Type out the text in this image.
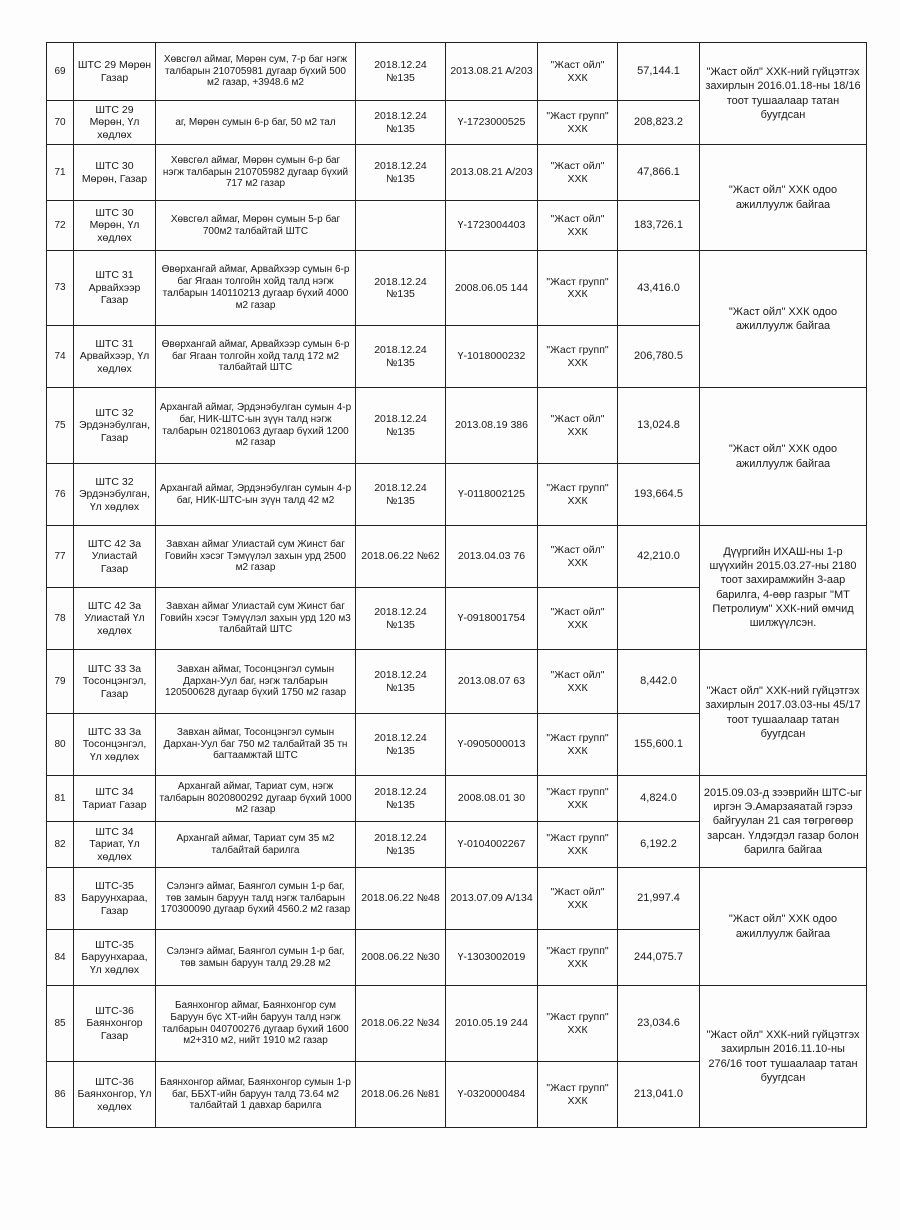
69	ШТС 29 Мөрөн Газар	Хөвсгөл аймаг, Мөрөн сум, 7-р баг нэгж талбарын 210705981 дугаар бүхий 500 м2 газар, +3948.6 м2	2018.12.24 №135	2013.08.21 A/203	"Жаст ойл" ХХК	57,144.1	"Жаст ойл" ХХК-ний гүйцэтгэх захирлын 2016.01.18-ны 18/16 тоот тушаалаар татан буугдсан
70	ШТС 29 Мөрөн, Үл хөдлөх	аг, Мөрөн сумын 6-р баг, 50 м2 тал	2018.12.24 №135	Ү-1723000525	"Жаст групп" ХХК	208,823.2	
71	ШТС 30 Мөрөн, Газар	Хөвсгөл аймаг, Мөрөн сумын 6-р баг нэгж талбарын 210705982 дугаар бүхий 717 м2 газар	2018.12.24 №135	2013.08.21 A/203	"Жаст ойл" ХХК	47,866.1	"Жаст ойл" ХХК одоо ажиллуулж байгаа
72	ШТС 30 Мөрөн, Үл хөдлөх	Хөвсгөл аймаг, Мөрөн сумын 5-р баг 700м2 талбайтай ШТС		Ү-1723004403	"Жаст ойл" ХХК	183,726.1	
73	ШТС 31 Арвайхээр Газар	Өвөрхангай аймаг, Арвайхээр сумын 6-р баг Ягаан толгойн хойд талд нэгж талбарын 140110213 дугаар бүхий 4000 м2 газар	2018.12.24 №135	2008.06.05 144	"Жаст групп" ХХК	43,416.0	"Жаст ойл" ХХК одоо ажиллуулж байгаа
74	ШТС 31 Арвайхээр, Үл хөдлөх	Өвөрхангай аймаг, Арвайхээр сумын 6-р баг Ягаан толгойн хойд талд 172 м2 талбайтай ШТС	2018.12.24 №135	Ү-1018000232	"Жаст групп" ХХК	206,780.5	
75	ШТС 32 Эрдэнэбулган, Газар	Архангай аймаг, Эрдэнэбулган сумын 4-р баг, НИК-ШТС-ын зүүн талд нэгж талбарын 021801063 дугаар бүхий 1200 м2 газар	2018.12.24 №135	2013.08.19 386	"Жаст ойл" ХХК	13,024.8	"Жаст ойл" ХХК одоо ажиллуулж байгаа
76	ШТС 32 Эрдэнэбулган, Үл хөдлөх	Архангай аймаг, Эрдэнэбулган сумын 4-р баг, НИК-ШТС-ын зүүн талд 42 м2	2018.12.24 №135	Ү-0118002125	"Жаст групп" ХХК	193,664.5	
77	ШТС 42 За Улиастай Газар	Завхан аймаг Улиастай сум Жинст баг Говийн хэсэг Тэмүүлэл захын урд 2500 м2 газар	2018.06.22 №62	2013.04.03 76	"Жаст ойл" ХХК	42,210.0	Дүүргийн ИХАШ-ны 1-р шүүхийн 2015.03.27-ны 2180 тоот захирамжийн 3-аар барилга, 4-өөр газрыг "МТ Петролиум" ХХК-ний өмчид шилжүүлсэн.
78	ШТС 42 За Улиастай Үл хөдлөх	Завхан аймаг Улиастай сум Жинст баг Говийн хэсэг Тэмүүлэл захын урд 120 м3 талбайтай ШТС	2018.12.24 №135	Ү-0918001754	"Жаст ойл" ХХК		
79	ШТС 33 За Тосонцэнгэл, Газар	Завхан аймаг, Тосонцэнгэл сумын Дархан-Уул баг, нэгж талбарын 120500628 дугаар бүхий 1750 м2 газар	2018.12.24 №135	2013.08.07 63	"Жаст ойл" ХХК	8,442.0	"Жаст ойл" ХХК-ний гүйцэтгэх захирлын 2017.03.03-ны 45/17 тоот тушаалаар татан буугдсан
80	ШТС 33 За Тосонцэнгэл, Үл хөдлөх	Завхан аймаг, Тосонцэнгэл сумын Дархан-Уул баг 750 м2 талбайтай 35 тн багтаамжтай ШТС	2018.12.24 №135	Ү-0905000013	"Жаст групп" ХХК	155,600.1	
81	ШТС 34 Тариат Газар	Архангай аймаг, Тариат сум, нэгж талбарын 8020800292 дугаар бүхий 1000 м2 газар	2018.12.24 №135	2008.08.01 30	"Жаст групп" ХХК	4,824.0	2015.09.03-д зээврийн ШТС-ыг иргэн Э.Амарзаяатай гэрээ байгуулан 21 сая төгрөгөөр зарсан. Үлдэгдэл газар болон барилга байгаа
82	ШТС 34 Тариат, Үл хөдлөх	Архангай аймаг, Тариат сум 35 м2 талбайтай барилга	2018.12.24 №135	Ү-0104002267	"Жаст групп" ХХК	6,192.2	
83	ШТС-35 Баруунхараа, Газар	Сэлэнгэ аймаг, Баянгол сумын 1-р баг, төв замын баруун талд нэгж талбарын 170300090 дугаар бүхий 4560.2 м2 газар	2018.06.22 №48	2013.07.09 A/134	"Жаст ойл" ХХК	21,997.4	"Жаст ойл" ХХК одоо ажиллуулж байгаа
84	ШТС-35 Баруунхараа, Үл хөдлөх	Сэлэнгэ аймаг, Баянгол сумын 1-р баг, төв замын баруун талд 29.28 м2	2008.06.22 №30	Ү-1303002019	"Жаст групп" ХХК	244,075.7	
85	ШТС-36 Баянхонгор Газар	Баянхонгор аймаг, Баянхонгор сум Баруун бүс ХТ-ийн баруун талд нэгж талбарын 040700276 дугаар бүхий 1600 м2+310 м2, нийт 1910 м2 газар	2018.06.22 №34	2010.05.19 244	"Жаст групп" ХХК	23,034.6	"Жаст ойл" ХХК-ний гүйцэтгэх захирлын 2016.11.10-ны 276/16 тоот тушаалаар татан буугдсан
86	ШТС-36 Баянхонгор, Үл хөдлөх	Баянхонгор аймаг, Баянхонгор сумын 1-р баг, ББХТ-ийн баруун талд 73.64 м2 талбайтай 1 давхар барилга	2018.06.26 №81	Ү-0320000484	"Жаст групп" ХХК	213,041.0	
